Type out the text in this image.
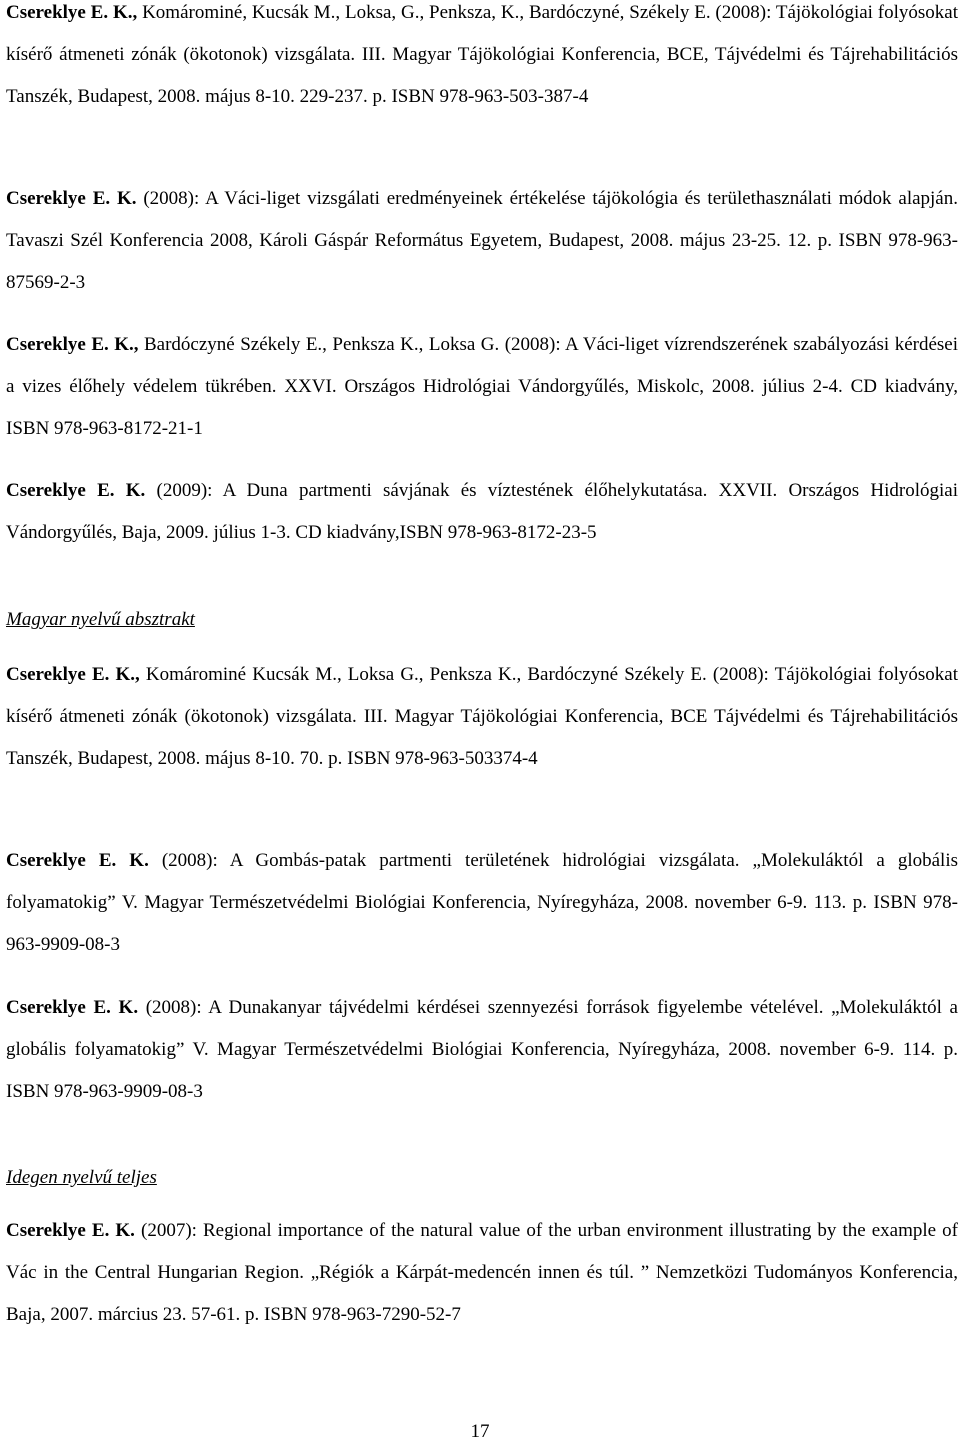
Csereklye E. K., Komárominé, Kucsák M., Loksa, G., Penksza, K., Bardóczyné, Székely E. (2008): Tájökológiai folyósokat kísérő átmeneti zónák (ökotonok) vizsgálata. III. Magyar Tájökológiai Konferencia, BCE, Tájvédelmi és Tájrehabilitációs Tanszék, Budapest, 2008. május 8-10. 229-237. p. ISBN 978-963-503-387-4

Csereklye E. K. (2008): A Váci-liget vizsgálati eredményeinek értékelése tájökológia és területhasználati módok alapján. Tavaszi Szél Konferencia 2008, Károli Gáspár Református Egyetem, Budapest, 2008. május 23-25. 12. p. ISBN 978-963-87569-2-3

Csereklye E. K., Bardóczyné Székely E., Penksza K., Loksa G. (2008): A Váci-liget vízrendszerének szabályozási kérdései a vizes élőhely védelem tükrében. XXVI. Országos Hidrológiai Vándorgyűlés, Miskolc, 2008. július 2-4. CD kiadvány, ISBN 978-963-8172-21-1

Csereklye E. K. (2009): A Duna partmenti sávjának és víztestének élőhelykutatása. XXVII. Országos Hidrológiai Vándorgyűlés, Baja, 2009. július 1-3. CD kiadvány,ISBN 978-963-8172-23-5

Magyar nyelvű absztrakt

Csereklye E. K., Komárominé Kucsák M., Loksa G., Penksza K., Bardóczyné Székely E. (2008): Tájökológiai folyósokat kísérő átmeneti zónák (ökotonok) vizsgálata. III. Magyar Tájökológiai Konferencia, BCE Tájvédelmi és Tájrehabilitációs Tanszék, Budapest, 2008. május 8-10. 70. p. ISBN 978-963-503374-4

Csereklye E. K. (2008): A Gombás-patak partmenti területének hidrológiai vizsgálata. „Molekuláktól a globális folyamatokig” V. Magyar Természetvédelmi Biológiai Konferencia, Nyíregyháza, 2008. november 6-9. 113. p. ISBN 978-963-9909-08-3

Csereklye E. K. (2008): A Dunakanyar tájvédelmi kérdései szennyezési források figyelembe vételével. „Molekuláktól a globális folyamatokig” V. Magyar Természetvédelmi Biológiai Konferencia, Nyíregyháza, 2008. november 6-9. 114. p. ISBN 978-963-9909-08-3

Idegen nyelvű teljes

Csereklye E. K. (2007): Regional importance of the natural value of the urban environment illustrating by the example of Vác in the Central Hungarian Region. „Régiók a Kárpát-medencén innen és túl. ” Nemzetközi Tudományos Konferencia, Baja, 2007. március 23. 57-61. p. ISBN 978-963-7290-52-7

17
